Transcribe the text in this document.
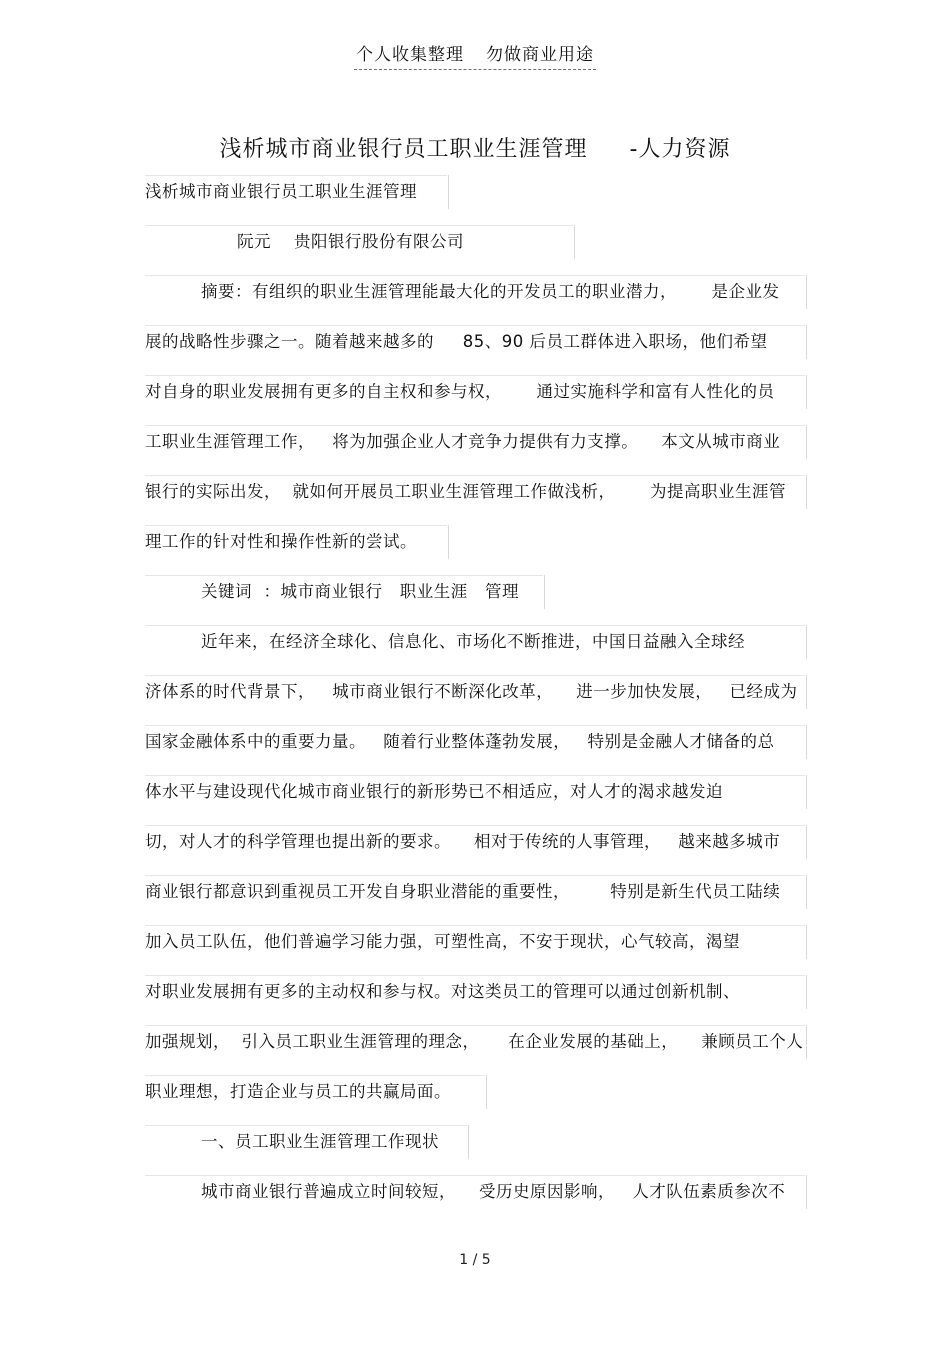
个人收集整理 勿做商业用途
浅析城市商业银行员工职业生涯管理 -人力资源
浅析城市商业银行员工职业生涯管理
阮元    贵阳银行股份有限公司
摘要：有组织的职业生涯管理能最大化的开发员工的职业潜力，      是企业发
展的战略性步骤之一。随着越来越多的     85、90 后员工群体进入职场，他们希望
对自身的职业发展拥有更多的自主权和参与权，      通过实施科学和富有人性化的员
工职业生涯管理工作，   将为加强企业人才竞争力提供有力支撑。    本文从城市商业
银行的实际出发，  就如何开展员工职业生涯管理工作做浅析，      为提高职业生涯管
理工作的针对性和操作性新的尝试。
关键词  ：城市商业银行   职业生涯   管理
近年来，在经济全球化、信息化、市场化不断推进，中国日益融入全球经
济体系的时代背景下，   城市商业银行不断深化改革，    进一步加快发展，   已经成为
国家金融体系中的重要力量。   随着行业整体蓬勃发展，   特别是金融人才储备的总
体水平与建设现代化城市商业银行的新形势已不相适应，对人才的渴求越发迫
切，对人才的科学管理也提出新的要求。    相对于传统的人事管理，   越来越多城市
商业银行都意识到重视员工开发自身职业潜能的重要性，       特别是新生代员工陆续
加入员工队伍，他们普遍学习能力强，可塑性高，不安于现状，心气较高，渴望
对职业发展拥有更多的主动权和参与权。对这类员工的管理可以通过创新机制、
加强规划，  引入员工职业生涯管理的理念，     在企业发展的基础上，    兼顾员工个人
职业理想，打造企业与员工的共赢局面。
一、员工职业生涯管理工作现状
城市商业银行普遍成立时间较短，    受历史原因影响，   人才队伍素质参次不
1 / 5
